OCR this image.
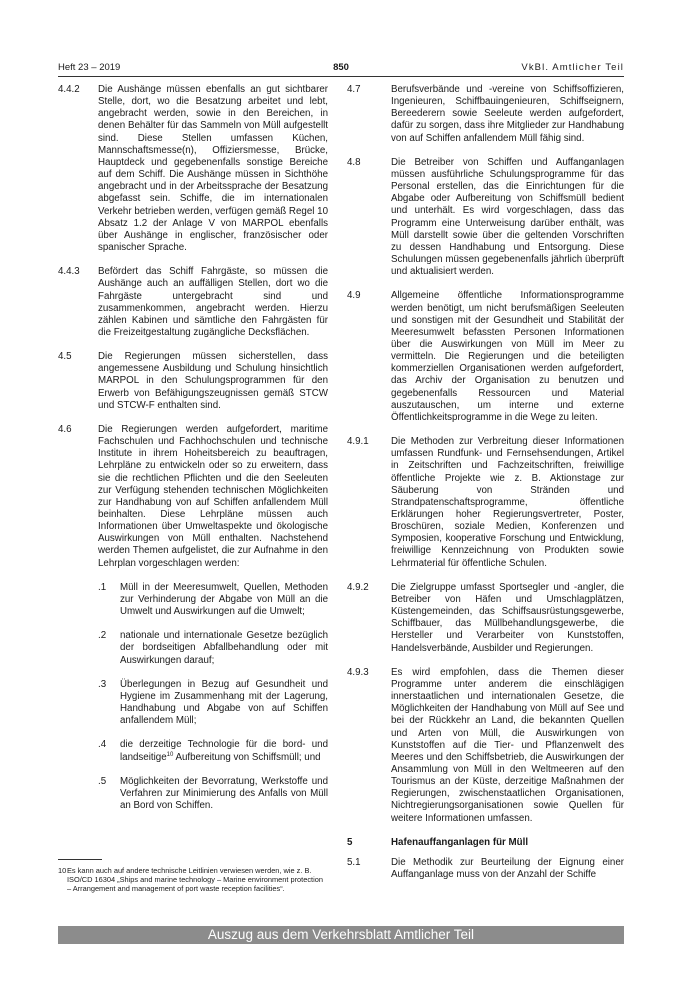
Heft 23 – 2019	850	VkBl. Amtlicher Teil
4.4.2 Die Aushänge müssen ebenfalls an gut sichtbarer Stelle, dort, wo die Besatzung arbeitet und lebt, angebracht werden, sowie in den Bereichen, in denen Behälter für das Sammeln von Müll aufgestellt sind. Diese Stellen umfassen Küchen, Mannschaftsmesse(n), Offiziersmesse, Brücke, Hauptdeck und gegebenenfalls sonstige Bereiche auf dem Schiff. Die Aushänge müssen in Sichthöhe angebracht und in der Arbeitssprache der Besatzung abgefasst sein. Schiffe, die im internationalen Verkehr betrieben werden, verfügen gemäß Regel 10 Absatz 1.2 der Anlage V von MARPOL ebenfalls über Aushänge in englischer, französischer oder spanischer Sprache.
4.4.3 Befördert das Schiff Fahrgäste, so müssen die Aushänge auch an auffälligen Stellen, dort wo die Fahrgäste untergebracht sind und zusammenkommen, angebracht werden. Hierzu zählen Kabinen und sämtliche den Fahrgästen für die Freizeitgestaltung zugängliche Decksflächen.
4.5	Die Regierungen müssen sicherstellen, dass angemessene Ausbildung und Schulung hinsichtlich MARPOL in den Schulungsprogrammen für den Erwerb von Befähigungszeugnissen gemäß STCW und STCW-F enthalten sind.
4.6	Die Regierungen werden aufgefordert, maritime Fachschulen und Fachhochschulen und technische Institute in ihrem Hoheitsbereich zu beauftragen, Lehrpläne zu entwickeln oder so zu erweitern, dass sie die rechtlichen Pflichten und die den Seeleuten zur Verfügung stehenden technischen Möglichkeiten zur Handhabung von auf Schiffen anfallendem Müll beinhalten. Diese Lehrpläne müssen auch Informationen über Umweltaspekte und ökologische Auswirkungen von Müll enthalten. Nachstehend werden Themen aufgelistet, die zur Aufnahme in den Lehrplan vorgeschlagen werden:
.1 Müll in der Meeresumwelt, Quellen, Methoden zur Verhinderung der Abgabe von Müll an die Umwelt und Auswirkungen auf die Umwelt;
.2 nationale und internationale Gesetze bezüglich der bordseitigen Abfallbehandlung oder mit Auswirkungen darauf;
.3 Überlegungen in Bezug auf Gesundheit und Hygiene im Zusammenhang mit der Lagerung, Handhabung und Abgabe von auf Schiffen anfallendem Müll;
.4 die derzeitige Technologie für die bord- und landseitige$^{10}$ Aufbereitung von Schiffsmüll; und
.5 Möglichkeiten der Bevorratung, Werkstoffe und Verfahren zur Minimierung des Anfalls von Müll an Bord von Schiffen.
4.7	Berufsverbände und -vereine von Schiffsoffizieren, Ingenieuren, Schiffbauingenieuren, Schiffseignern, Bereederern sowie Seeleute werden aufgefordert, dafür zu sorgen, dass ihre Mitglieder zur Handhabung von auf Schiffen anfallendem Müll fähig sind.
4.8	Die Betreiber von Schiffen und Auffanganlagen müssen ausführliche Schulungsprogramme für das Personal erstellen, das die Einrichtungen für die Abgabe oder Aufbereitung von Schiffsmüll bedient und unterhält. Es wird vorgeschlagen, dass das Programm eine Unterweisung darüber enthält, was Müll darstellt sowie über die geltenden Vorschriften zu dessen Handhabung und Entsorgung. Diese Schulungen müssen gegebenenfalls jährlich überprüft und aktualisiert werden.
4.9	Allgemeine öffentliche Informationsprogramme werden benötigt, um nicht berufsmäßigen Seeleuten und sonstigen mit der Gesundheit und Stabilität der Meeresumwelt befassten Personen Informationen über die Auswirkungen von Müll im Meer zu vermitteln. Die Regierungen und die beteiligten kommerziellen Organisationen werden aufgefordert, das Archiv der Organisation zu benutzen und gegebenenfalls Ressourcen und Material auszutauschen, um interne und externe Öffentlichkeitsprogramme in die Wege zu leiten.
4.9.1 Die Methoden zur Verbreitung dieser Informationen umfassen Rundfunk- und Fernsehsendungen, Artikel in Zeitschriften und Fachzeitschriften, freiwillige öffentliche Projekte wie z. B. Aktionstage zur Säuberung von Stränden und Strandpatenschaftsprogramme, öffentliche Erklärungen hoher Regierungsvertreter, Poster, Broschüren, soziale Medien, Konferenzen und Symposien, kooperative Forschung und Entwicklung, freiwillige Kennzeichnung von Produkten sowie Lehrmaterial für öffentliche Schulen.
4.9.2 Die Zielgruppe umfasst Sportsegler und -angler, die Betreiber von Häfen und Umschlagplätzen, Küstengemeinden, das Schiffsausrüstungsgewerbe, Schiffbauer, das Müllbehandlungsgewerbe, die Hersteller und Verarbeiter von Kunststoffen, Handelsverbände, Ausbilder und Regierungen.
4.9.3 Es wird empfohlen, dass die Themen dieser Programme unter anderem die einschlägigen innerstaatlichen und internationalen Gesetze, die Möglichkeiten der Handhabung von Müll auf See und bei der Rückkehr an Land, die bekannten Quellen und Arten von Müll, die Auswirkungen von Kunststoffen auf die Tier- und Pflanzenwelt des Meeres und den Schiffsbetrieb, die Auswirkungen der Ansammlung von Müll in den Weltmeeren auf den Tourismus an der Küste, derzeitige Maßnahmen der Regierungen, zwischenstaatlichen Organisationen, Nichtregierungsorganisationen sowie Quellen für weitere Informationen umfassen.
5	Hafenauffanganlagen für Müll
5.1	Die Methodik zur Beurteilung der Eignung einer Auffanganlage muss von der Anzahl der Schiffe
10 Es kann auch auf andere technische Leitlinien verwiesen werden, wie z. B. ISO/CD 16304 „Ships and marine technology – Marine environment protection – Arrangement and management of port waste reception facilities“.
Auszug aus dem Verkehrsblatt Amtlicher Teil
